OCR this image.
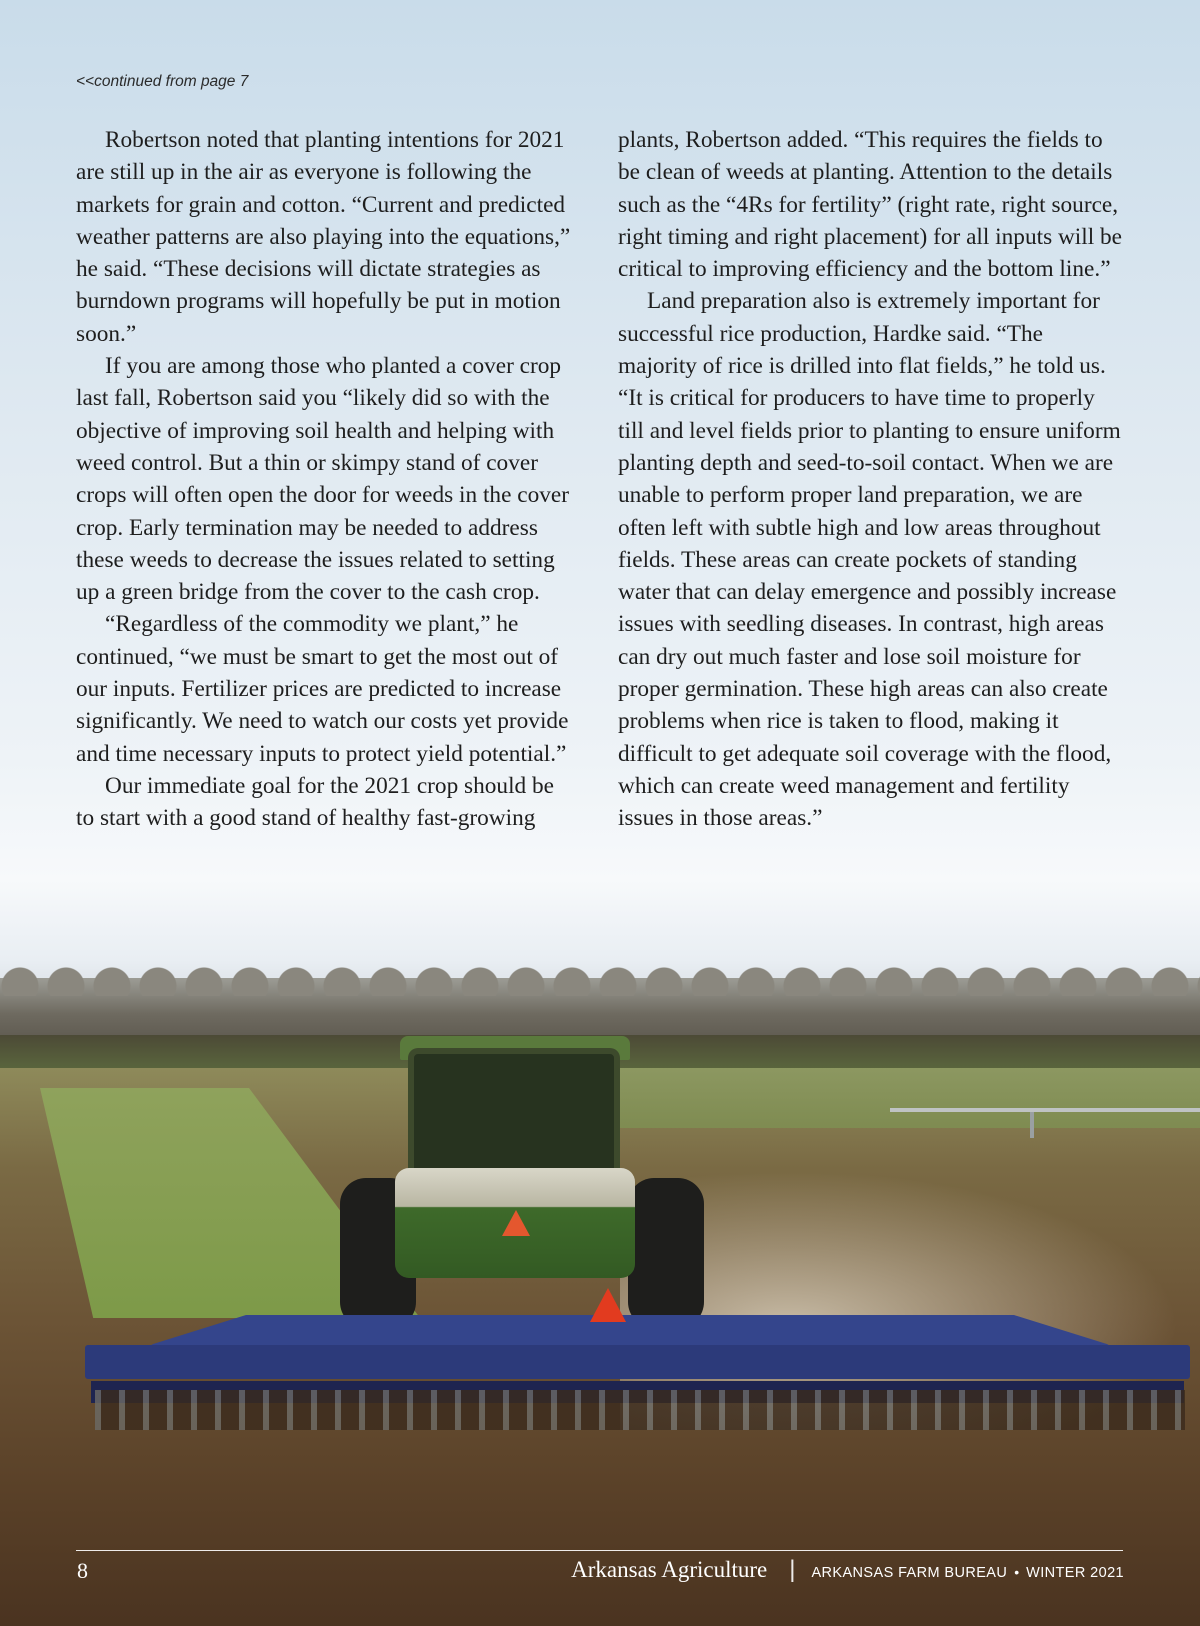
<<continued from page 7

Robertson noted that planting intentions for 2021 are still up in the air as everyone is following the markets for grain and cotton. “Current and predicted weather patterns are also playing into the equations,” he said. “These decisions will dictate strategies as burndown programs will hopefully be put in motion soon.”

If you are among those who planted a cover crop last fall, Robertson said you “likely did so with the objective of improving soil health and helping with weed control. But a thin or skimpy stand of cover crops will often open the door for weeds in the cover crop. Early termination may be needed to address these weeds to decrease the issues related to setting up a green bridge from the cover to the cash crop.

“Regardless of the commodity we plant,” he continued, “we must be smart to get the most out of our inputs. Fertilizer prices are predicted to increase significantly. We need to watch our costs yet provide and time necessary inputs to protect yield potential.”

Our immediate goal for the 2021 crop should be to start with a good stand of healthy fast-growing

plants, Robertson added. “This requires the fields to be clean of weeds at planting. Attention to the details such as the “4Rs for fertility” (right rate, right source, right timing and right placement) for all inputs will be critical to improving efficiency and the bottom line.”

Land preparation also is extremely important for successful rice production, Hardke said. “The majority of rice is drilled into flat fields,” he told us. “It is critical for producers to have time to properly till and level fields prior to planting to ensure uniform planting depth and seed-to-soil contact. When we are unable to perform proper land preparation, we are often left with subtle high and low areas throughout fields. These areas can create pockets of standing water that can delay emergence and possibly increase issues with seedling diseases. In contrast, high areas can dry out much faster and lose soil moisture for proper germination. These high areas can also create problems when rice is taken to flood, making it difficult to get adequate soil coverage with the flood, which can create weed management and fertility issues in those areas.”

8	Arkansas Agriculture | ARKANSAS FARM BUREAU • WINTER 2021
